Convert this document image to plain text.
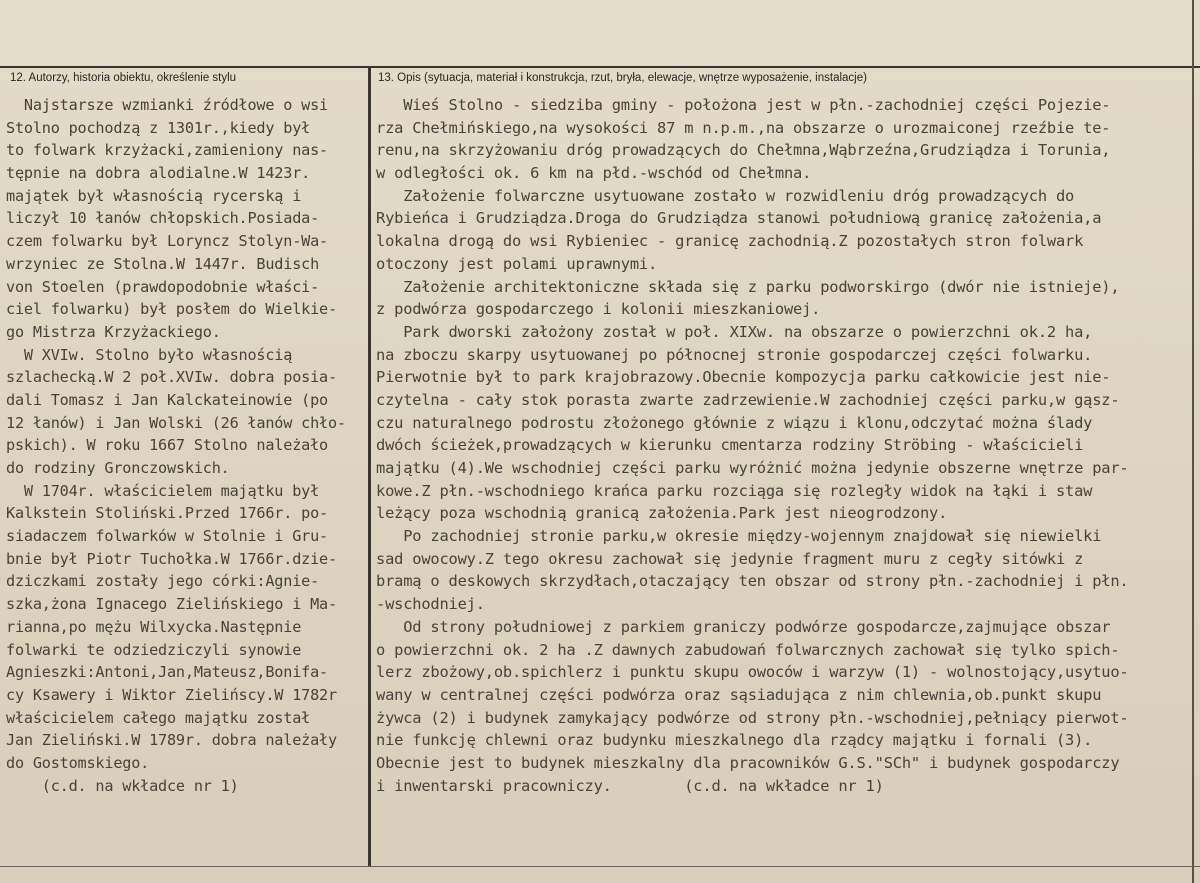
12. Autorzy, historia obiektu, określenie stylu	13. Opis (sytuacja, materiał i konstrukcja, rzut, bryła, elewacje, wnętrze wyposażenie, instalacje)
Najstarsze wzmianki źródłowe o wsi
Stolno pochodzą z 1301r.,kiedy był
to folwark krzyżacki,zamieniony nas-
tępnie na dobra alodialne.W 1423r.
majątek był własnością rycerską i
liczył 10 łanów chłopskich.Posiada-
czem folwarku był Loryncz Stolyn-Wa-
wrzyniec ze Stolna.W 1447r. Budisch
von Stoelen (prawdopodobnie właści-
ciel folwarku) był posłem do Wielkie-
go Mistrza Krzyżackiego.
W XVIw. Stolno było własnością
szlachecką.W 2 poł.XVIw. dobra posia-
dali Tomasz i Jan Kalckateinowie (po
12 łanów) i Jan Wolski (26 łanów chło-
pskich). W roku 1667 Stolno należało
do rodziny Gronczowskich.
W 1704r. właścicielem majątku był
Kalkstein Stoliński.Przed 1766r. po-
siadaczem folwarków w Stolnie i Gru-
bnie był Piotr Tuchołka.W 1766r.dzie-
dziczkami zostały jego córki:Agnie-
szka,żona Ignacego Zielińskiego i Ma-
rianna,po mężu Wilxycka.Następnie
folwarki te odziedziczyli synowie
Agnieszki:Antoni,Jan,Mateusz,Bonifa-
cy Ksawery i Wiktor Zielińscy.W 1782r
właścicielem całego majątku został
Jan Zieliński.W 1789r. dobra należały
do Gostomskiego.
(c.d. na wkładce nr 1)
Wieś Stolno - siedziba gminy - położona jest w płn.-zachodniej części Pojezie-
rza Chełmińskiego,na wysokości 87 m n.p.m.,na obszarze o urozmaiconej rzeźbie te-
renu,na skrzyżowaniu dróg prowadzących do Chełmna,Wąbrzeźna,Grudziądza i Torunia,
w odległości ok. 6 km na płd.-wschód od Chełmna.
Założenie folwarczne usytuowane zostało w rozwidleniu dróg prowadzących do
Rybieńca i Grudziądza.Droga do Grudziądza stanowi południową granicę założenia,a
lokalna drogą do wsi Rybieniec - granicę zachodnią.Z pozostałych stron folwark
otoczony jest polami uprawnymi.
Założenie architektoniczne składa się z parku podworskirgo (dwór nie istnieje),
z podwórza gospodarczego i kolonii mieszkaniowej.
Park dworski założony został w poł. XIXw. na obszarze o powierzchni ok.2 ha,
na zboczu skarpy usytuowanej po północnej stronie gospodarczej części folwarku.
Pierwotnie był to park krajobrazowy.Obecnie kompozycja parku całkowicie jest nie-
czytelna - cały stok porasta zwarte zadrzewienie.W zachodniej części parku,w gąsz-
czu naturalnego podrostu złożonego głównie z wiązu i klonu,odczytać można ślady
dwóch ścieżek,prowadzących w kierunku cmentarza rodziny Ströbing - właścicieli
majątku (4).We wschodniej części parku wyróżnić można jedynie obszerne wnętrze par-
kowe.Z płn.-wschodniego krańca parku rozciąga się rozległy widok na łąki i staw
leżący poza wschodnią granicą założenia.Park jest nieogrodzony.
Po zachodniej stronie parku,w okresie między-wojennym znajdował się niewielki
sad owocowy.Z tego okresu zachował się jedynie fragment muru z cegły sitówki z
bramą o deskowych skrzydłach,otaczający ten obszar od strony płn.-zachodniej i płn.
-wschodniej.
Od strony południowej z parkiem graniczy podwórze gospodarcze,zajmujące obszar
o powierzchni ok. 2 ha .Z dawnych zabudowań folwarcznych zachował się tylko spich-
lerz zbożowy,ob.spichlerz i punktu skupu owoców i warzyw (1) - wolnostojący,usytuo-
wany w centralnej części podwórza oraz sąsiadująca z nim chlewnia,ob.punkt skupu
żywca (2) i budynek zamykający podwórze od strony płn.-wschodniej,pełniący pierwot-
nie funkcję chlewni oraz budynku mieszkalnego dla rządcy majątku i fornali (3).
Obecnie jest to budynek mieszkalny dla pracowników G.S."SCh" i budynek gospodarczy
i inwentarski pracowniczy.        (c.d. na wkładce nr 1)
